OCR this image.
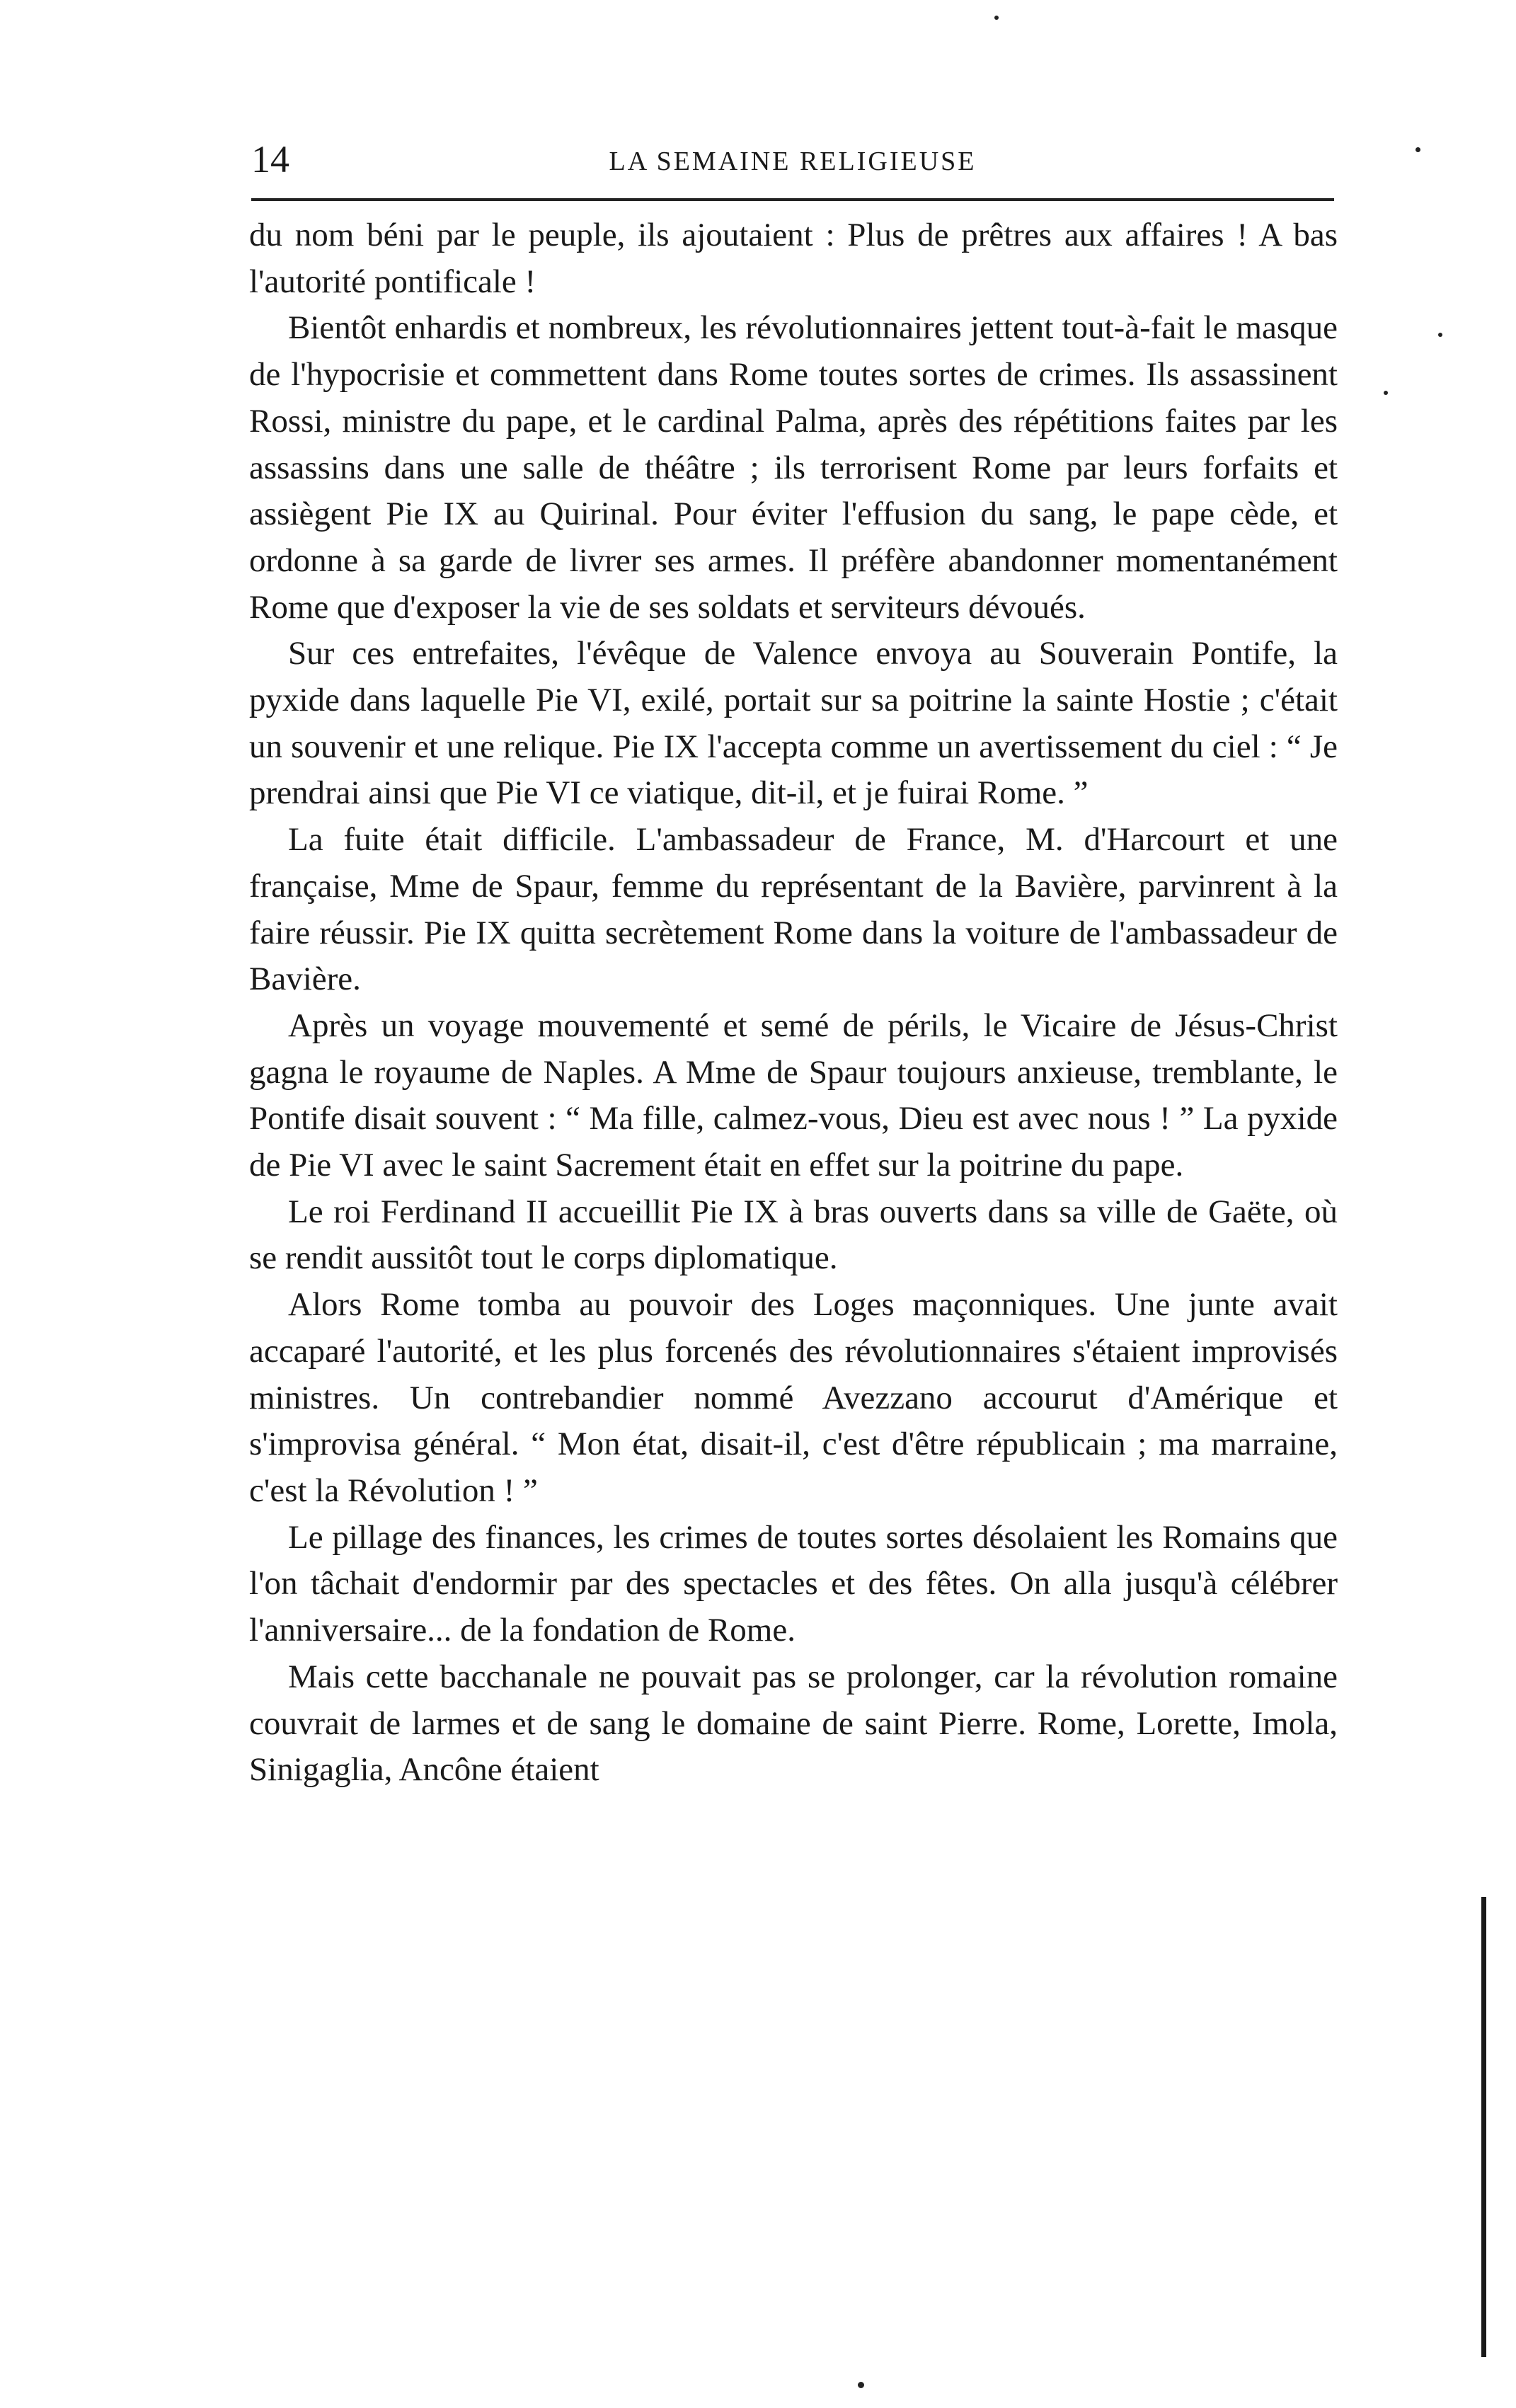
14	LA SEMAINE RELIGIEUSE

du nom béni par le peuple, ils ajoutaient : Plus de prêtres aux affaires ! A bas l'autorité pontificale !

Bientôt enhardis et nombreux, les révolutionnaires jettent tout-à-fait le masque de l'hypocrisie et commettent dans Rome toutes sortes de crimes. Ils assassinent Rossi, ministre du pape, et le cardinal Palma, après des répétitions faites par les assassins dans une salle de théâtre ; ils terrorisent Rome par leurs forfaits et assiègent Pie IX au Quirinal. Pour éviter l'effusion du sang, le pape cède, et ordonne à sa garde de livrer ses armes. Il préfère abandonner momentanément Rome que d'exposer la vie de ses soldats et serviteurs dévoués.

Sur ces entrefaites, l'évêque de Valence envoya au Souverain Pontife, la pyxide dans laquelle Pie VI, exilé, portait sur sa poitrine la sainte Hostie ; c'était un souvenir et une relique. Pie IX l'accepta comme un avertissement du ciel : “ Je prendrai ainsi que Pie VI ce viatique, dit-il, et je fuirai Rome. ”

La fuite était difficile. L'ambassadeur de France, M. d'Harcourt et une française, Mme de Spaur, femme du représentant de la Bavière, parvinrent à la faire réussir. Pie IX quitta secrètement Rome dans la voiture de l'ambassadeur de Bavière.

Après un voyage mouvementé et semé de périls, le Vicaire de Jésus-Christ gagna le royaume de Naples. A Mme de Spaur toujours anxieuse, tremblante, le Pontife disait souvent : “ Ma fille, calmez-vous, Dieu est avec nous ! ” La pyxide de Pie VI avec le saint Sacrement était en effet sur la poitrine du pape.

Le roi Ferdinand II accueillit Pie IX à bras ouverts dans sa ville de Gaëte, où se rendit aussitôt tout le corps diplomatique.

Alors Rome tomba au pouvoir des Loges maçonniques. Une junte avait accaparé l'autorité, et les plus forcenés des révolutionnaires s'étaient improvisés ministres. Un contrebandier nommé Avezzano accourut d'Amérique et s'improvisa général. “ Mon état, disait-il, c'est d'être républicain ; ma marraine, c'est la Révolution ! ”

Le pillage des finances, les crimes de toutes sortes désolaient les Romains que l'on tâchait d'endormir par des spectacles et des fêtes. On alla jusqu'à célébrer l'anniversaire... de la fondation de Rome.

Mais cette bacchanale ne pouvait pas se prolonger, car la révolution romaine couvrait de larmes et de sang le domaine de saint Pierre. Rome, Lorette, Imola, Sinigaglia, Ancône étaient
